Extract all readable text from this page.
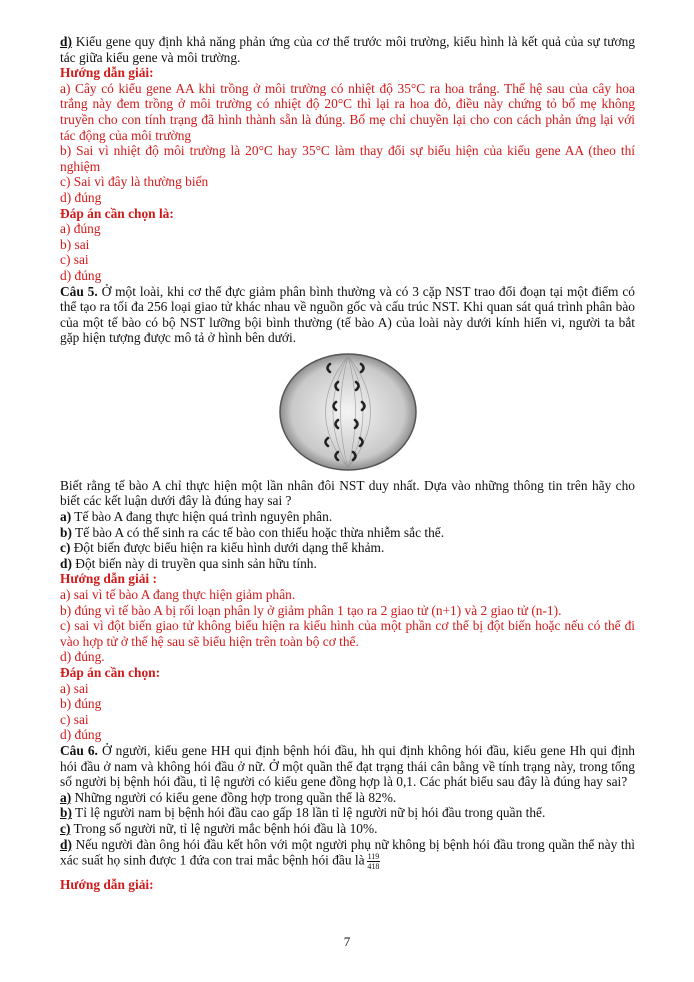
d) Kiểu gene quy định khả năng phản ứng của cơ thể trước môi trường, kiểu hình là kết quả của sự tương tác giữa kiểu gene và môi trường.

Hướng dẫn giải:

a) Cây có kiểu gene AA khi trồng ở môi trường có nhiệt độ 35°C ra hoa trắng. Thế hệ sau của cây hoa trắng này đem trồng ở môi trường có nhiệt độ 20°C thì lại ra hoa đỏ, điều này chứng tỏ bố mẹ không truyền cho con tính trạng đã hình thành sẵn là đúng. Bố mẹ chỉ chuyền lại cho con cách phản ứng lại với tác động của môi trường

b) Sai vì nhiệt độ môi trường là 20°C hay 35°C làm thay đổi sự biểu hiện của kiểu gene AA (theo thí nghiệm

c) Sai vì đây là thường biến

d) đúng

Đáp án cần chọn là:

a) đúng

b) sai

c) sai

d) đúng

Câu 5. Ở một loài, khi cơ thể đực giảm phân bình thường và có 3 cặp NST trao đổi đoạn tại một điểm có thể tạo ra tối đa 256 loại giao tử khác nhau về nguồn gốc và cấu trúc NST. Khi quan sát quá trình phân bào của một tế bào có bộ NST lưỡng bội bình thường (tế bào A) của loài này dưới kính hiển vi, người ta bắt gặp hiện tượng được mô tả ở hình bên dưới.

Biết rằng tế bào A chỉ thực hiện một lần nhân đôi NST duy nhất. Dựa vào những thông tin trên hãy cho biết các kết luận dưới đây là đúng hay sai ?

a) Tế bào A đang thực hiện quá trình nguyên phân.

b) Tế bào A có thể sinh ra các tế bào con thiếu hoặc thừa nhiễm sắc thể.

c) Đột biến được biểu hiện ra kiểu hình dưới dạng thể khảm.

d) Đột biến này di truyền qua sinh sản hữu tính.

Hướng dẫn giải :

a) sai vì tế bào A đang thực hiện giảm phân.

b) đúng vì tế bào A bị rối loạn phân ly ở giảm phân 1 tạo ra 2 giao tử (n+1) và 2 giao tử (n-1).

c) sai vì đột biến giao tử không biểu hiện ra kiểu hình của một phần cơ thể bị đột biến hoặc nếu có thể đi vào hợp tử ở thế hệ sau sẽ biểu hiện trên toàn bộ cơ thể.

d) đúng.

Đáp án cần chọn:

a) sai

b) đúng

c) sai

d) đúng

Câu 6. Ở người, kiểu gene HH qui định bệnh hói đầu, hh qui định không hói đầu, kiểu gene Hh qui định hói đầu ở nam và không hói đầu ở nữ. Ở một quần thể đạt trạng thái cân bằng về tính trạng này, trong tổng số người bị bệnh hói đầu, tỉ lệ người có kiểu gene đồng hợp là 0,1. Các phát biểu sau đây là đúng hay sai?

a) Những người có kiểu gene đồng hợp trong quần thể là 82%.

b) Tỉ lệ người nam bị bệnh hói đầu cao gấp 18 lần tỉ lệ người nữ bị hói đầu trong quần thể.

c) Trong số người nữ, tỉ lệ người mắc bệnh hói đầu là 10%.

d) Nếu người đàn ông hói đầu kết hôn với một người phụ nữ không bị bệnh hói đầu trong quần thể này thì xác suất họ sinh được 1 đứa con trai mắc bệnh hói đầu là $\frac{119}{418}$

Hướng dẫn giải:

7
